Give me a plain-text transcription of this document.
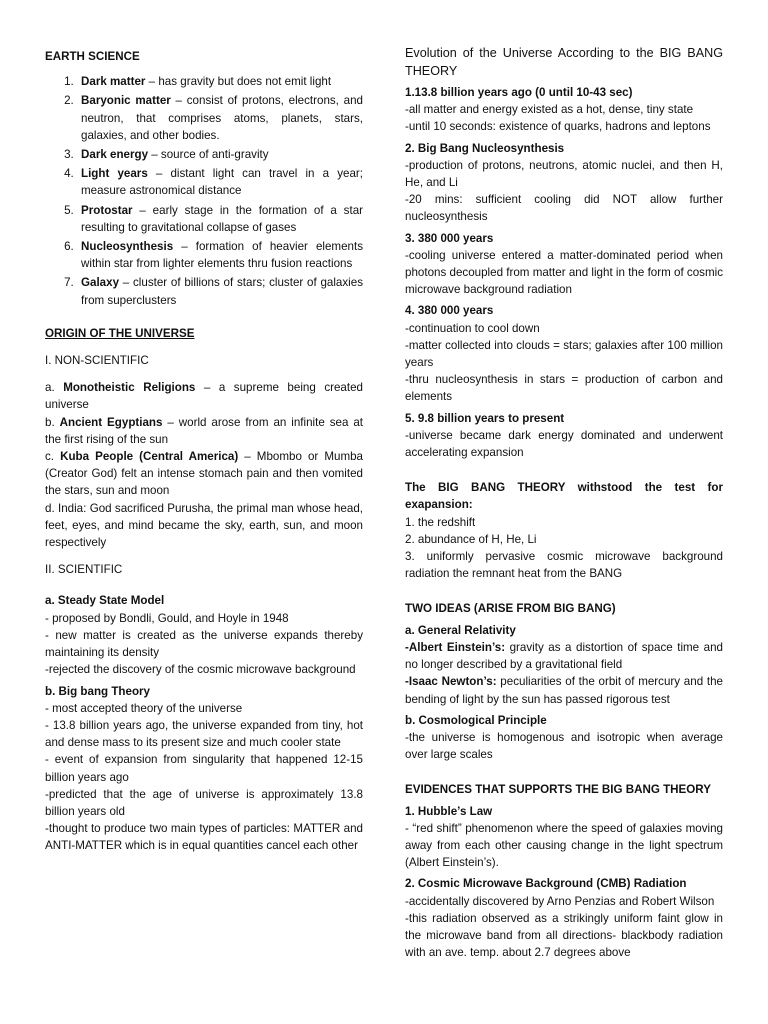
EARTH SCIENCE

1. Dark matter – has gravity but does not emit light
2. Baryonic matter – consist of protons, electrons, and neutron, that comprises atoms, planets, stars, galaxies, and other bodies.
3. Dark energy – source of anti-gravity
4. Light years – distant light can travel in a year; measure astronomical distance
5. Protostar – early stage in the formation of a star resulting to gravitational collapse of gases
6. Nucleosynthesis – formation of heavier elements within star from lighter elements thru fusion reactions
7. Galaxy – cluster of billions of stars; cluster of galaxies from superclusters

ORIGIN OF THE UNIVERSE

I. NON-SCIENTIFIC

a. Monotheistic Religions – a supreme being created universe

b. Ancient Egyptians – world arose from an infinite sea at the first rising of the sun

c. Kuba People (Central America) – Mbombo or Mumba (Creator God) felt an intense stomach pain and then vomited the stars, sun and moon

d. India: God sacrificed Purusha, the primal man whose head, feet, eyes, and mind became the sky, earth, sun, and moon respectively

II. SCIENTIFIC

a. Steady State Model

- proposed by Bondli, Gould, and Hoyle in 1948

- new matter is created as the universe expands thereby maintaining its density

-rejected the discovery of the cosmic microwave background

b. Big bang Theory

- most accepted theory of the universe

- 13.8 billion years ago, the universe expanded from tiny, hot and dense mass to its present size and much cooler state

- event of expansion from singularity that happened 12-15 billion years ago

-predicted that the age of universe is approximately 13.8 billion years old

-thought to produce two main types of particles: MATTER and ANTI-MATTER which is in equal quantities cancel each other

Evolution of the Universe According to the BIG BANG THEORY

1.13.8 billion years ago (0 until 10-43 sec)

-all matter and energy existed as a hot, dense, tiny state

-until 10 seconds: existence of quarks, hadrons and leptons

2. Big Bang Nucleosynthesis

-production of protons, neutrons, atomic nuclei, and then H, He, and Li

-20 mins: sufficient cooling did NOT allow further nucleosynthesis

3. 380 000 years

-cooling universe entered a matter-dominated period when photons decoupled from matter and light in the form of cosmic microwave background radiation

4. 380 000 years

-continuation to cool down

-matter collected into clouds = stars; galaxies after 100 million years

-thru nucleosynthesis in stars = production of carbon and elements

5. 9.8 billion years to present

-universe became dark energy dominated and underwent accelerating expansion

The BIG BANG THEORY withstood the test for exapansion:

1. the redshift

2. abundance of H, He, Li

3. uniformly pervasive cosmic microwave background radiation the remnant heat from the BANG

TWO IDEAS (ARISE FROM BIG BANG)

a. General Relativity

-Albert Einstein’s: gravity as a distortion of space time and no longer described by a gravitational field

-Isaac Newton’s: peculiarities of the orbit of mercury and the bending of light by the sun has passed rigorous test

b. Cosmological Principle

-the universe is homogenous and isotropic when average over large scales

EVIDENCES THAT SUPPORTS THE BIG BANG THEORY

1. Hubble’s Law

- “red shift” phenomenon where the speed of galaxies moving away from each other causing change in the light spectrum (Albert Einstein’s).

2. Cosmic Microwave Background (CMB) Radiation

-accidentally discovered by Arno Penzias and Robert Wilson

-this radiation observed as a strikingly uniform faint glow in the microwave band from all directions- blackbody radiation with an ave. temp. about 2.7 degrees above
